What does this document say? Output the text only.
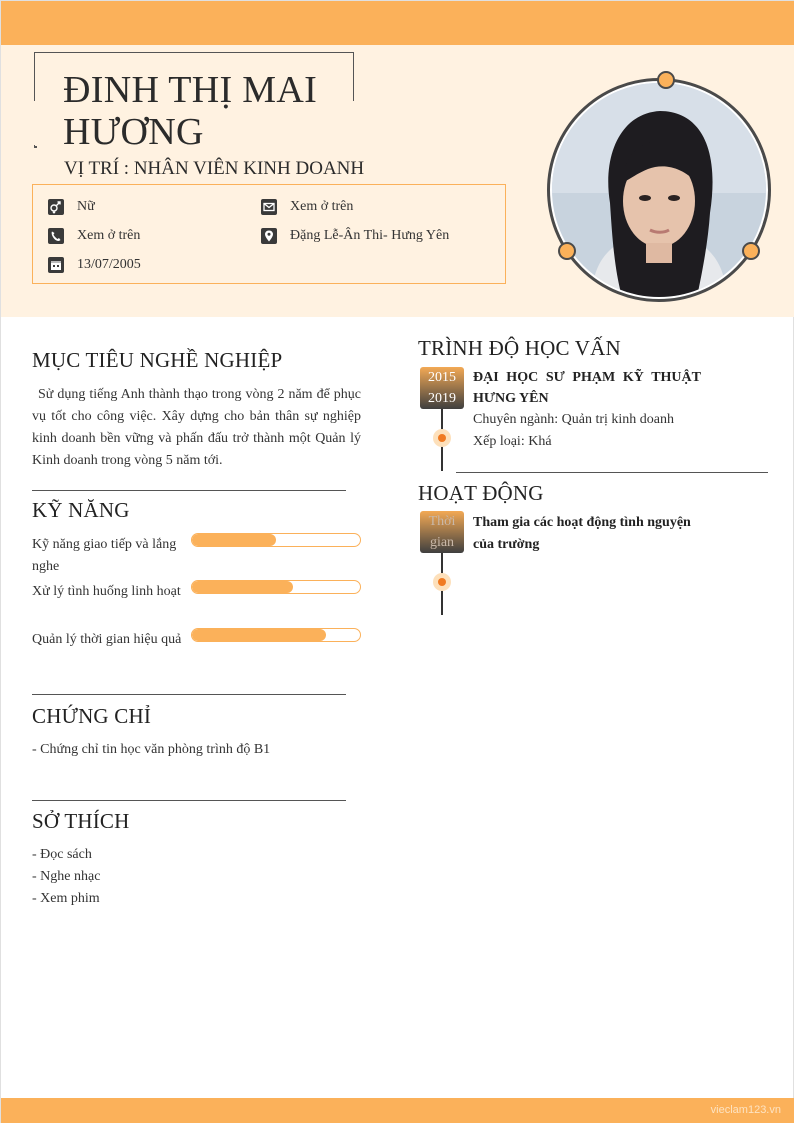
ĐINH THỊ MAI HƯƠNG
VỊ TRÍ : NHÂN VIÊN KINH DOANH
Nữ	Xem ở trên
Xem ở trên	Đặng Lễ-Ân Thi- Hưng Yên
13/07/2005
MỤC TIÊU NGHỀ NGHIỆP
Sử dụng tiếng Anh thành thạo trong vòng 2 năm để phục vụ tốt cho công việc. Xây dựng cho bản thân sự nghiệp kinh doanh bền vững và phấn đấu trở thành một Quản lý Kinh doanh trong vòng 5 năm tới.
KỸ NĂNG
Kỹ năng giao tiếp và lắng nghe
Xử lý tình huống linh hoạt
Quản lý thời gian hiệu quả
CHỨNG CHỈ
- Chứng chỉ tin học văn phòng trình độ B1
SỞ THÍCH
- Đọc sách
- Nghe nhạc
- Xem phim
TRÌNH ĐỘ HỌC VẤN
2015
2019
ĐẠI HỌC SƯ PHẠM KỸ THUẬT HƯNG YÊN
Chuyên ngành: Quản trị kinh doanh
Xếp loại: Khá
HOẠT ĐỘNG
Thời
gian
Tham gia các hoạt động tình nguyện của trường
vieclam123.vn
